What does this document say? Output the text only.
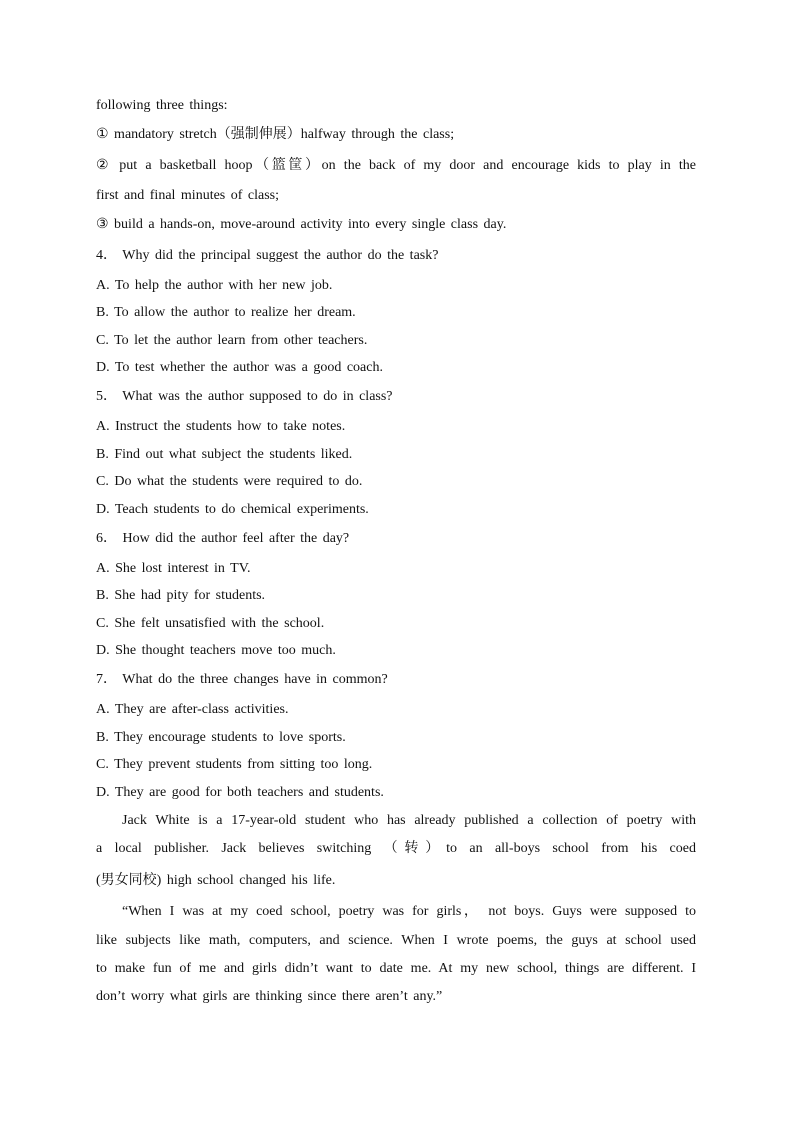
following three things:
① mandatory stretch（强制伸展）halfway through the class;
② put a basketball hoop（篮筐）on the back of my door and encourage kids to play in the
first and final minutes of class;
③ build a hands-on, move-around activity into every single class day.
4． Why did the principal suggest the author do the task?
A. To help the author with her new job.
B. To allow the author to realize her dream.
C. To let the author learn from other teachers.
D. To test whether the author was a good coach.
5． What was the author supposed to do in class?
A. Instruct the students how to take notes.
B. Find out what subject the students liked.
C. Do what the students were required to do.
D. Teach students to do chemical experiments.
6． How did the author feel after the day?
A. She lost interest in TV.
B. She had pity for students.
C. She felt unsatisfied with the school.
D. She thought teachers move too much.
7． What do the three changes have in common?
A. They are after-class activities.
B. They encourage students to love sports.
C. They prevent students from sitting too long.
D. They are good for both teachers and students.
Jack White is a 17-year-old student who has already published a collection of poetry with
a local publisher. Jack believes switching （转）to an all-boys school from his coed
(男女同校) high school changed his life.
“When I was at my coed school, poetry was for girls， not boys. Guys were supposed to
like subjects like math, computers, and science. When I wrote poems, the guys at school used
to make fun of me and girls didn’t want to date me. At my new school, things are different. I
don’t worry what girls are thinking since there aren’t any.”
